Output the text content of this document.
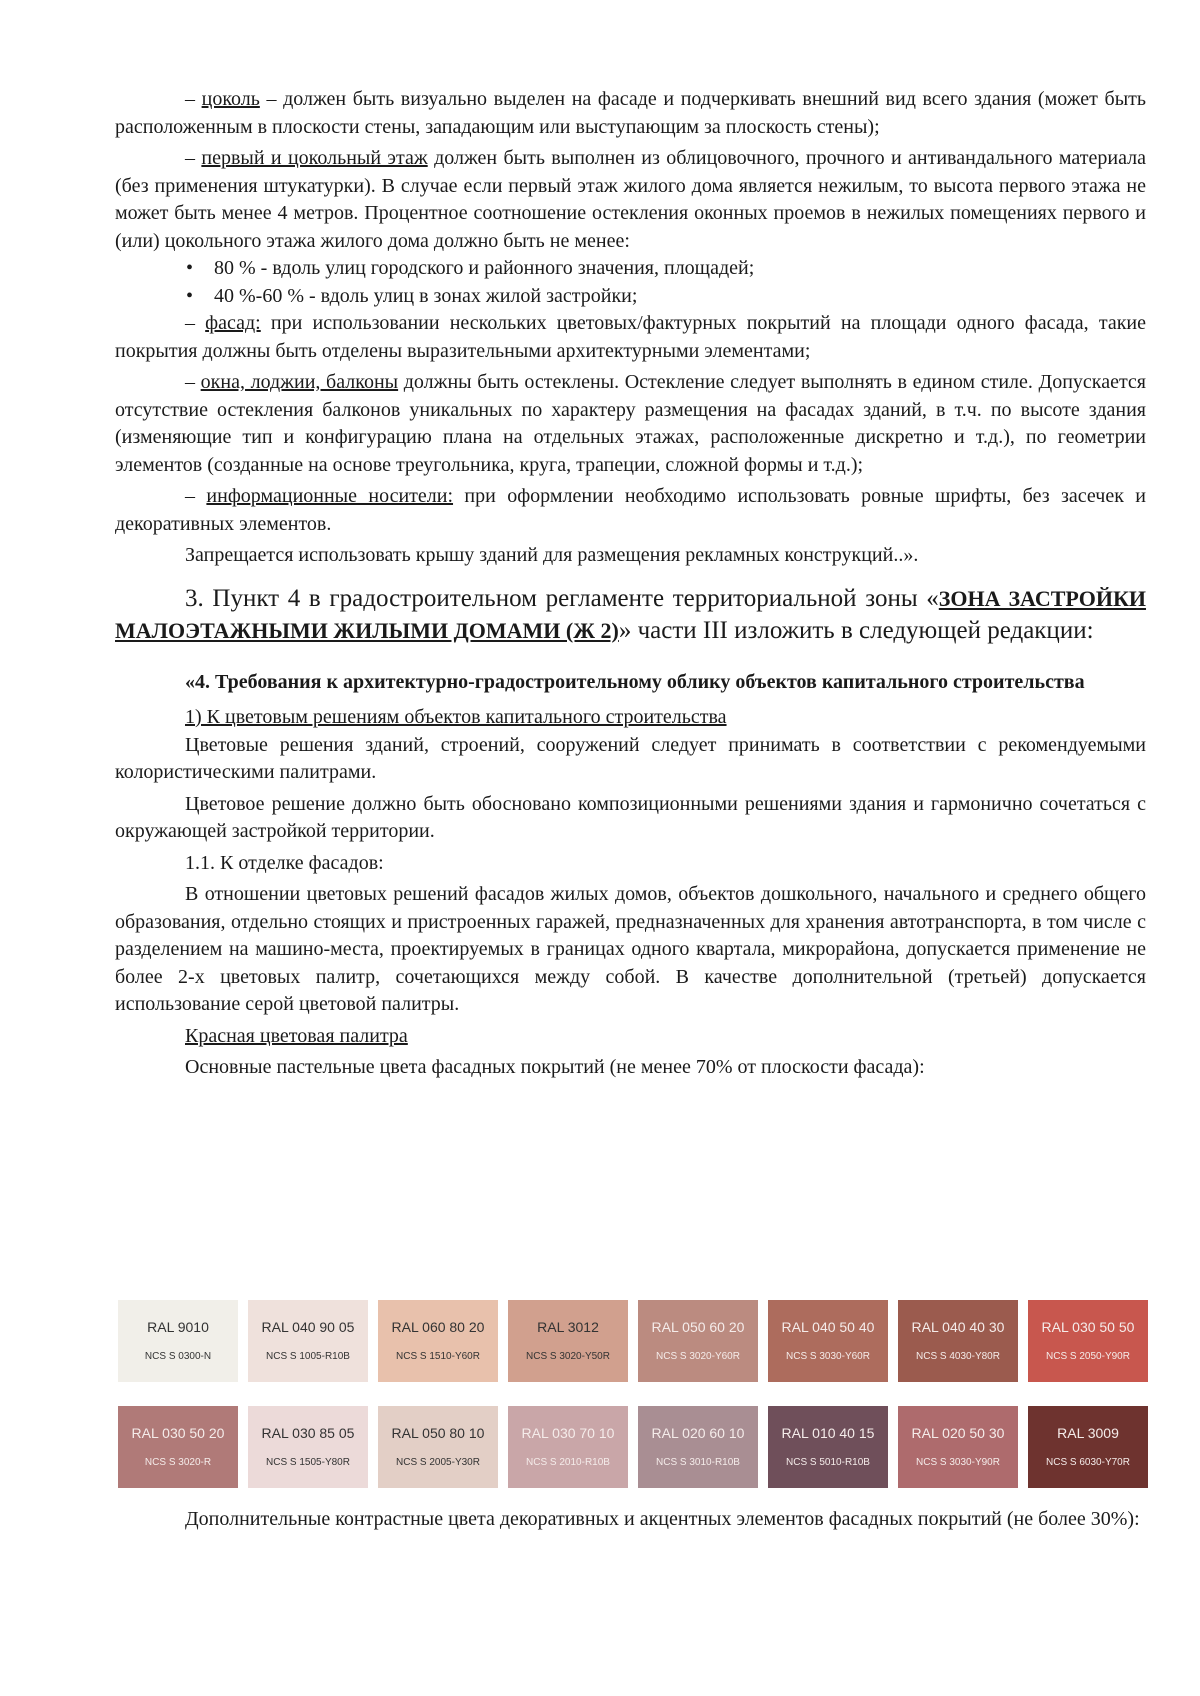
– цоколь – должен быть визуально выделен на фасаде и подчеркивать внешний вид всего здания (может быть расположенным в плоскости стены, западающим или выступающим за плоскость стены);

– первый и цокольный этаж должен быть выполнен из облицовочного, прочного и антивандального материала (без применения штукатурки). В случае если первый этаж жилого дома является нежилым, то высота первого этажа не может быть менее 4 метров. Процентное соотношение остекления оконных проемов в нежилых помещениях первого и (или) цокольного этажа жилого дома должно быть не менее:

• 80 % - вдоль улиц городского и районного значения, площадей;

• 40 %-60 % - вдоль улиц в зонах жилой застройки;

– фасад: при использовании нескольких цветовых/фактурных покрытий на площади одного фасада, такие покрытия должны быть отделены выразительными архитектурными элементами;

– окна, лоджии, балконы должны быть остеклены. Остекление следует выполнять в едином стиле. Допускается отсутствие остекления балконов уникальных по характеру размещения на фасадах зданий, в т.ч. по высоте здания (изменяющие тип и конфигурацию плана на отдельных этажах, расположенные дискретно и т.д.), по геометрии элементов (созданные на основе треугольника, круга, трапеции, сложной формы и т.д.);

– информационные носители: при оформлении необходимо использовать ровные шрифты, без засечек и декоративных элементов.

Запрещается использовать крышу зданий для размещения рекламных конструкций..».

3. Пункт 4 в градостроительном регламенте территориальной зоны «ЗОНА ЗАСТРОЙКИ МАЛОЭТАЖНЫМИ ЖИЛЫМИ ДОМАМИ (Ж 2)» части III изложить в следующей редакции:

«4. Требования к архитектурно-градостроительному облику объектов капитального строительства

1) К цветовым решениям объектов капитального строительства

Цветовые решения зданий, строений, сооружений следует принимать в соответствии с рекомендуемыми колористическими палитрами.

Цветовое решение должно быть обосновано композиционными решениями здания и гармонично сочетаться с окружающей застройкой территории.

1.1. К отделке фасадов:

В отношении цветовых решений фасадов жилых домов, объектов дошкольного, начального и среднего общего образования, отдельно стоящих и пристроенных гаражей, предназначенных для хранения автотранспорта, в том числе с разделением на машино-места, проектируемых в границах одного квартала, микрорайона, допускается применение не более 2-х цветовых палитр, сочетающихся между собой. В качестве дополнительной (третьей) допускается использование серой цветовой палитры.

Красная цветовая палитра

Основные пастельные цвета фасадных покрытий (не менее 70% от плоскости фасада):

RAL 9010
NCS S 0300-N
RAL 040 90 05
NCS S 1005-R10B
RAL 060 80 20
NCS S 1510-Y60R
RAL 3012
NCS S 3020-Y50R
RAL 050 60 20
NCS S 3020-Y60R
RAL 040 50 40
NCS S 3030-Y60R
RAL 040 40 30
NCS S 4030-Y80R
RAL 030 50 50
NCS S 2050-Y90R
RAL 030 50 20
NCS S 3020-R
RAL 030 85 05
NCS S 1505-Y80R
RAL 050 80 10
NCS S 2005-Y30R
RAL 030 70 10
NCS S 2010-R10B
RAL 020 60 10
NCS S 3010-R10B
RAL 010 40 15
NCS S 5010-R10B
RAL 020 50 30
NCS S 3030-Y90R
RAL 3009
NCS S 6030-Y70R

Дополнительные контрастные цвета декоративных и акцентных элементов фасадных покрытий (не более 30%):
